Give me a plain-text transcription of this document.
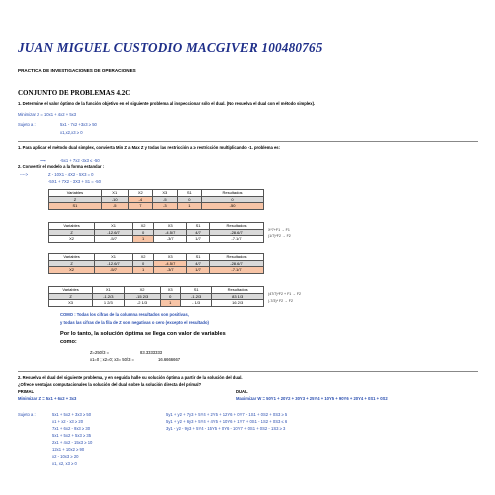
JUAN MIGUEL CUSTODIO MACGIVER 100480765
PRACTICA DE INVESTIGACIONES DE OPERACIONES
CONJUNTO DE PROBLEMAS 4.2C
1. Determine el valor óptimo de la función objetivo en el siguiente problema al inspeccionar sólo el dual. (No resuelva el dual con el método simplex).
Minimizar z = 10x1 + 4x2 + 5x3
Sujeto a :	5x1 - 7x2 +3x3 ≥ 50
x1,x2,x3 ≥ 0
1. Para aplicar el método dual simplex, convierta Min Z a Max Z y todas las restricción a ≥ restricción multiplicando -1. problema es:
⟶	-5x1 + 7x2 -3x3 ≤ -50
2. Convertir el modelo a la forma estandar :
---->	Z - 10X1 - 4X2 - 5X3 = 0
-5X1 + 7X2 - 3X3 + S1 = -50
Variables	X1	X2	X3	S1	Resultados
Z	-10	-4	-5	0	0
S1	-5	7	-3	1	-50
Variables	X1	X2	X3	S1	Resultados
Z	-12.6/7	0	-4.5/7	4/7	-28.6/7
X2	-5/7	1	-3/7	1/7	-7.1/7
X*7+F1 → F1
(1/7)*F2 → F2
Variables	X1	X2	X3	S1	Resultados
Z	-12.6/7	0	-4.5/7	4/7	-28.6/7
X2	-5/7	1	-3/7	1/7	-7.1/7
Variables	X1	X2	X3	S1	Resultados
Z	-1.2/3	-15 2/3	0	-1.2/3	83 1/3
X3	1 2/3	-2 1/3	1	- 1/3	16 2/3
(47/7)*F2 + F1 → F2
(-7/3)* F2 → F2
COMO : Todas los cifras de la columna resultados son positivas,
y todas las cifras de la fila de Z son negativas o cero (excepto el resultado)
Por lo tanto, la solución óptima se llega con valor de variables
como:
Z=250/3 =	83.3333333
x1=0 ; x2=0; x3= 50/3 =	16.6666667
2. Resuelva el dual del siguiente problema, y en seguida halle su solución óptima a partir de la solución del dual.
¿Ofrece ventajas computacionales la solución del dual sobre la solución directa del primal?
PRIMAL	DUAL
Minimizar Z = 5x1 + 6x2 + 3x3	Maximizar W = 50Y1 + 20Y2 + 30Y3 + 25Y4 + 10Y5 + 90Y6 + 20Y4 + 0S1 + 0S2
Sujeto a :	5x1 + 5x2 + 3x3 ≥ 50
x1 + x2 - x3 ≥ 20
7x1 + 6x2 - 9x3 ≥ 30
5x1 + 5x2 + 5x3 ≥ 35
2x1 + 4x2 - 15x3 ≥ 10
12x1 + 10x2 ≥ 90
x2 - 10x3 ≥ 20
x1, x2, x3 ≥ 0
5y1 + y2 + 7y3 + 5Y4 + 2Y5 + 12Y6 + 0Y7 - 1S1 + 0S2 + 0S3 ≥ 5
5y1 + y2 + 6y3 + 5Y4 + 4Y5 + 10Y6 + 1Y7 + 0S1 - 1S2 + 0S3 ≤ 6
3y1 - y2 - 9y3 + 5Y4 - 15Y5 + 0Y6 - 10Y7 + 0S1 + 0S2 - 1S3 ≥ 3
